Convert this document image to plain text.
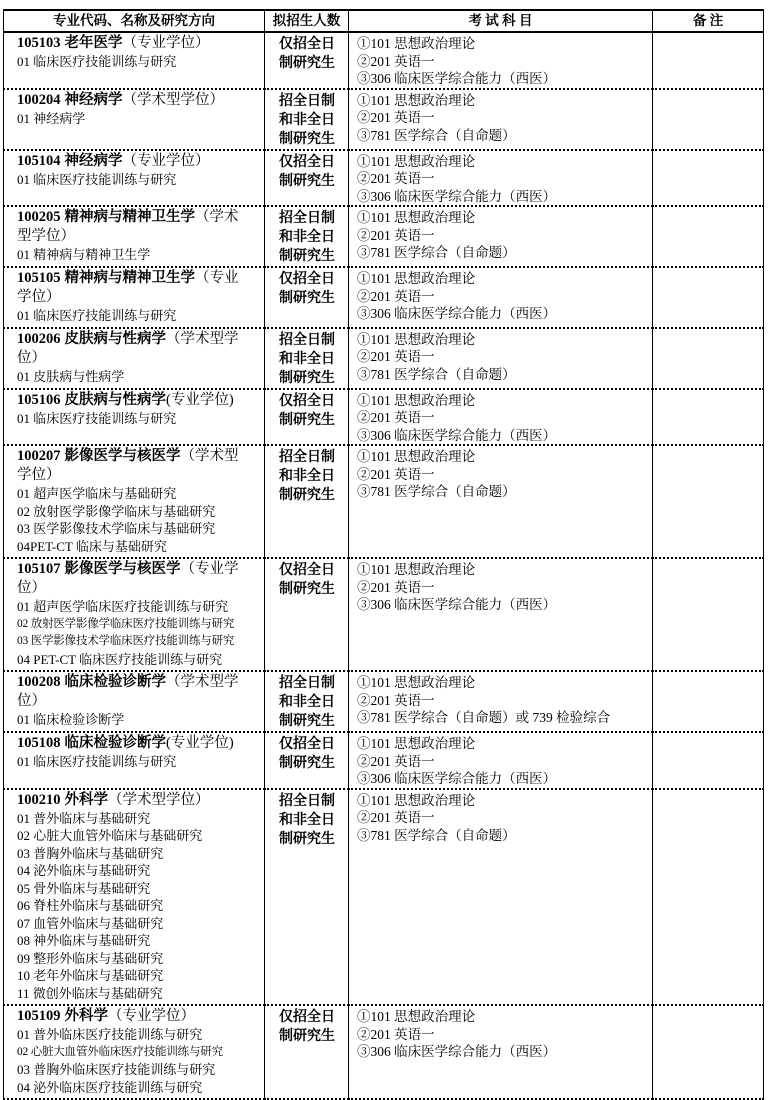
专业代码、名称及研究方向	拟招生人数	考 试 科 目	备 注

105103 老年医学（专业学位）
01 临床医疗技能训练与研究
	仅招全日制研究生	
①101 思想政治理论
②201 英语一
③306 临床医学综合能力（西医）

100204 神经病学（学术型学位）
01 神经病学
	招全日制和非全日制研究生	
①101 思想政治理论
②201 英语一
③781 医学综合（自命题）

105104 神经病学（专业学位）
01 临床医疗技能训练与研究
	仅招全日制研究生	
①101 思想政治理论
②201 英语一
③306 临床医学综合能力（西医）

100205 精神病与精神卫生学（学术型学位）
01 精神病与精神卫生学
	招全日制和非全日制研究生	
①101 思想政治理论
②201 英语一
③781 医学综合（自命题）

105105 精神病与精神卫生学（专业学位）
01 临床医疗技能训练与研究
	仅招全日制研究生	
①101 思想政治理论
②201 英语一
③306 临床医学综合能力（西医）

100206 皮肤病与性病学（学术型学位）
01 皮肤病与性病学
	招全日制和非全日制研究生	
①101 思想政治理论
②201 英语一
③781 医学综合（自命题）

105106 皮肤病与性病学(专业学位)
01 临床医疗技能训练与研究
	仅招全日制研究生	
①101 思想政治理论
②201 英语一
③306 临床医学综合能力（西医）

100207 影像医学与核医学（学术型学位）
01 超声医学临床与基础研究
02 放射医学影像学临床与基础研究
03 医学影像技术学临床与基础研究
04PET-CT 临床与基础研究
	招全日制和非全日制研究生	
①101 思想政治理论
②201 英语一
③781 医学综合（自命题）

105107 影像医学与核医学（专业学位）
01 超声医学临床医疗技能训练与研究
02 放射医学影像学临床医疗技能训练与研究
03 医学影像技术学临床医疗技能训练与研究
04 PET-CT 临床医疗技能训练与研究
	仅招全日制研究生	
①101 思想政治理论
②201 英语一
③306 临床医学综合能力（西医）

100208 临床检验诊断学（学术型学位）
01 临床检验诊断学
	招全日制和非全日制研究生	
①101 思想政治理论
②201 英语一
③781 医学综合（自命题）或 739 检验综合

105108 临床检验诊断学(专业学位)
01 临床医疗技能训练与研究
	仅招全日制研究生	
①101 思想政治理论
②201 英语一
③306 临床医学综合能力（西医）

100210 外科学（学术型学位）
01 普外临床与基础研究
02 心脏大血管外临床与基础研究
03 普胸外临床与基础研究
04 泌外临床与基础研究
05 骨外临床与基础研究
06 脊柱外临床与基础研究
07 血管外临床与基础研究
08 神外临床与基础研究
09 整形外临床与基础研究
10 老年外临床与基础研究
11 微创外临床与基础研究
	招全日制和非全日制研究生	
①101 思想政治理论
②201 英语一
③781 医学综合（自命题）

105109 外科学（专业学位）
01 普外临床医疗技能训练与研究
02 心脏大血管外临床医疗技能训练与研究
03 普胸外临床医疗技能训练与研究
04 泌外临床医疗技能训练与研究
	仅招全日制研究生	
①101 思想政治理论
②201 英语一
③306 临床医学综合能力（西医）
